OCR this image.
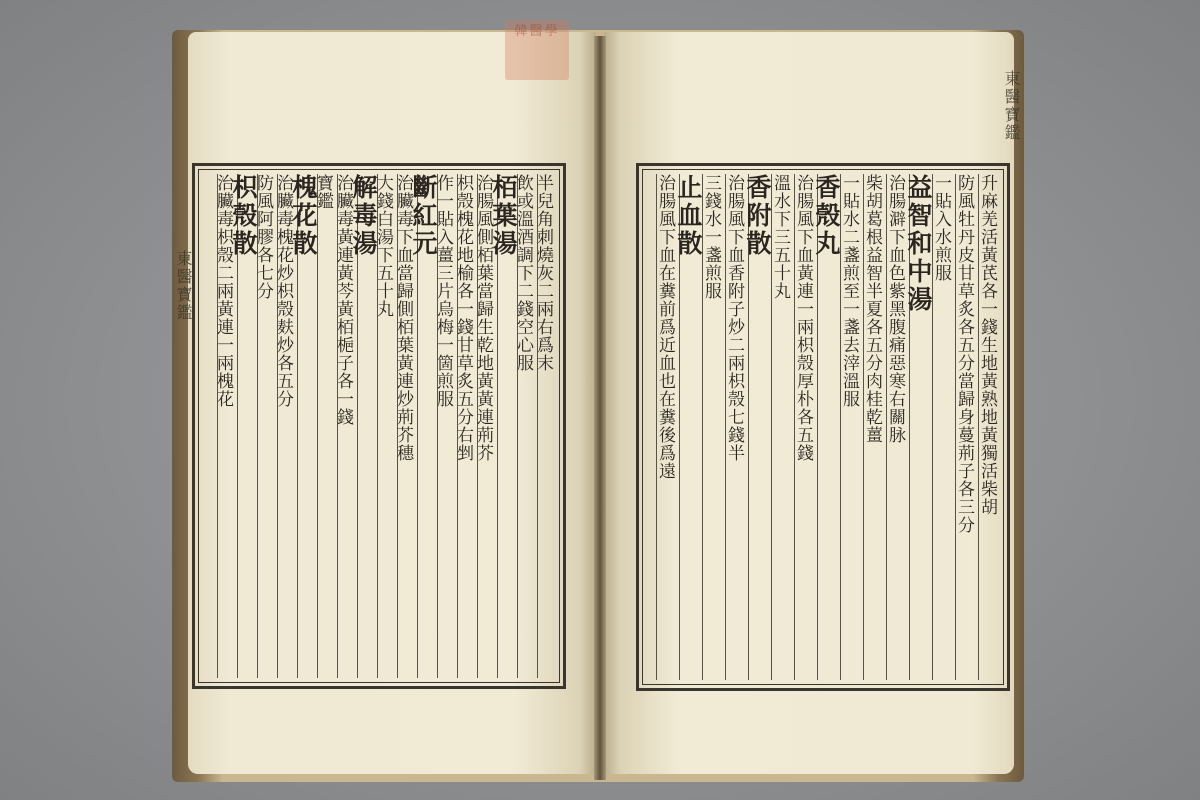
韓醫學
東醫寶鑑
東醫寶鑑
半兒角刺燒灰二兩右爲末
飲或溫酒調下二錢空心服
栢葉湯
治腸風側栢葉當歸生乾地黃黃連荊芥
枳殼槐花地榆各一錢甘草炙五分右剉
作一貼入薑三片烏梅一箇煎服
斷紅元
治臟毒下血當歸側栢葉黃連炒荊芥穗
大錢白湯下五十丸
解毒湯
治臟毒黃連黃芩黃栢梔子各一錢
寶鑑
槐花散
治臟毒槐花炒枳殼麸炒各五分
防風阿膠各七分
枳殼散
治臟毒枳殼二兩黃連一兩槐花	升麻羌活黃芪各一錢生地黃熟地黃獨活柴胡
防風牡丹皮甘草炙各五分當歸身蔓荊子各三分
一貼入水煎服
益智和中湯
治腸澼下血色紫黑腹痛惡寒右關脉
柴胡葛根益智半夏各五分肉桂乾薑
一貼水二盞煎至一盞去滓溫服
香殼丸
治腸風下血黃連一兩枳殼厚朴各五錢
溫水下三五十丸
香附散
治腸風下血香附子炒二兩枳殼七錢半
三錢水一盞煎服
止血散
治腸風下血在糞前爲近血也在糞後爲遠
